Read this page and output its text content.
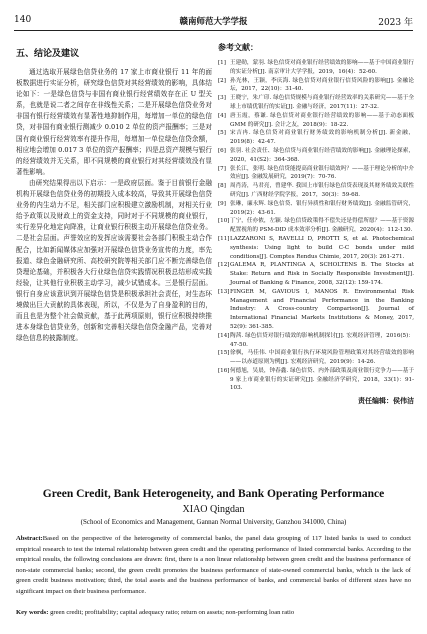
140	赣南师范大学学报	2023 年
五、结论及建议

通过选取开展绿色信贷业务的 17 家上市商业银行 11 年的面板数据进行实证分析，研究绿色信贷对其经营绩效的影响，具体结论如下：一是绿色信贷与非国有商业银行经营绩效存在正 U 型关系，也就是说二者之间存在非线性关系；二是开展绿色信贷业务对非国有银行经营绩效有显著性地抑制作用，每增加一单位的绿色信贷，对非国有商业银行测减少 0.010 2 单位的资产报酬率；三是对国有商业银行经营效率有提升作用，每增加一单位绿色信贷余额，相应地会增加 0.017 3 单位的资产报酬率；四是总资产规模与银行的经营绩效并无关系，即不同规模的商业银行对其经营绩效没有显著性影响。

由研究结果得出以下启示：一是政府层面。鉴于目前银行金融机构开展绿色信贷业务的初期投入成本较高，导致其开展绿色信贷业务的内生动力不足，相关部门应积极建立激励机制，对相关行业给予政策以及财政上的资金支持，同时对于不同规模的商业银行，实行差异化地定向降准，让商业银行积极主动开展绿色信贷业务。二是社会层面。声誉效应的发挥应该需要社会各部门积极主动合作配合，比如新闻媒体应加强对开展绿色信贷业务宣传的力度，率先报道、绿色金融研究所、高校研究院等相关部门应不断完善绿色信贷理论基础，并积极各大行业绿色信贷实践情况积极总结形成实践经验，让其他行业积极主动学习，减少试错成本。三是银行层面。银行自身应该意识到开展绿色信贷是积极承担社会责任，对生态环境做出巨大贡献的具体表现，所以，不仅是为了自身盈利的目的，而且也是为整个社会做贡献，基于此两项原则，银行应积极持续推进本身绿色信贷业务，创新和完善相关绿色信贷金融产品，完善对绿色信息的披露制度。

参考文献：
[1] 王建勋，蒙羽. 绿色信贷对商业银行经营绩效的影响——基于中国商业银行的实证分析[J]. 南京审计大学学报，2019，16(4)：52-60.
[2] 孙光林，王颖，李庆海. 绿色信贷对商业银行信贷风险的影响[J]. 金融论坛，2017，22(10)：31-40.
[3] 王晓宁，朱广印. 绿色信贷规模与商业银行经营效率的关系研究——基于全球上市绩优银行的实证[J]. 金融与经济，2017(11)：27-32.
[4] 唐玉霞，蔡谦. 绿色信贷对商业银行经营绩效的影响——基于动态面板 GMM 的研究[J]. 会计之友，2018(9)：18-22.
[5] 宋吉冉. 绿色信贷对商业银行财务绩效的影响机制分析[J]. 新金融，2019(8)：42-47.
[6] 张羽. 社会责任、绿色信贷与商业银行经营绩效的影响[J]. 金融理论探索，2020，41(S2)：364-368.
[7] 张长江，张明. 绿色信贷能提高商业银行绩效吗？——基于理论分析的中介效应[J]. 金融发展研究，2019(7)：70-76.
[8] 周肖涛，马君亮，曾建华. 我国上市银行绿色信贷表现及其财务绩效关联性研究[J]. 广西财经学院学报，2017，30(3)：59-68.
[9] 张琳，廉永辉. 绿色信贷、银行异质性和银行财务绩效[J]. 金融监管研究，2019(2)：43-61.
[10] 丁宁，任亦侬，左颖. 绿色信贷政策得不偿失还是得偿所愿？——基于资源配置视角的 PSM-DID 成本效率分析[J]. 金融研究，2020(4)：112-130.
[11] LAZZARONI S, RAVELLI D, PROTTI S, et al. Photochemical synthesis: Using light to build C-C bonds under mild conditions[J]. Comptes Rendus Chimie, 2017, 20(3): 261-271.
[12] GALEMA R, PLANTINGA A, SCHOLTENS B. The Stocks at Stake: Return and Risk in Socially Responsible Investment[J]. Journal of Banking & Finance, 2008, 32(12): 159-174.
[13] FINGER M, GAVIOUS I, MANOS R. Environmental Risk Management and Financial Performance in the Banking Industry: A Cross-country Comparison[J]. Journal of International Financial Markets Institutions & Money, 2017, 52(9): 361-385.
[14] 陶茜. 绿色信贷对银行绩效的影响机制探讨[J]. 宏观经济管理，2016(5)：47-50.
[15] 徐枫，马佳伟. 中国商业银行执行环境风险管理政策对其经营绩效的影响——以赤道原则为例[J]. 宏观经济研究，2019(9)：14-26.
[16] 何德旭，吴晨，钟春鑫. 绿色信贷、内外部政策及商业银行竞争力——基于 9 家上市商业银行的实证研究[J]. 金融经济学研究，2018，33(1)：91-103.
责任编辑：侯伟洁
Green Credit, Bank Heterogeneity, and Bank Operating Performance
XIAO Qingdan
(School of Economics and Management, Gannan Normal University, Ganzhou 341000, China)
Abstract:Based on the perspective of the heterogeneity of commercial banks, the panel data grouping of 117 listed banks is used to conduct empirical research to test the internal relationship between green credit and the operating performance of listed commercial banks. According to the empirical results, the following conclusions are drawn: first, there is a non linear relationship between green credit and the business performance of non-state commercial banks; second, the green credit promotes the business performance of state-owned commercial banks, which is the lack of green credit business motivation; third, the total assets and the business performance of banks, and commercial banks of different sizes have no significant impact on their business performance.
Key words: green credit; profitability; capital adequacy ratio; return on assets; non-performing loan ratio
